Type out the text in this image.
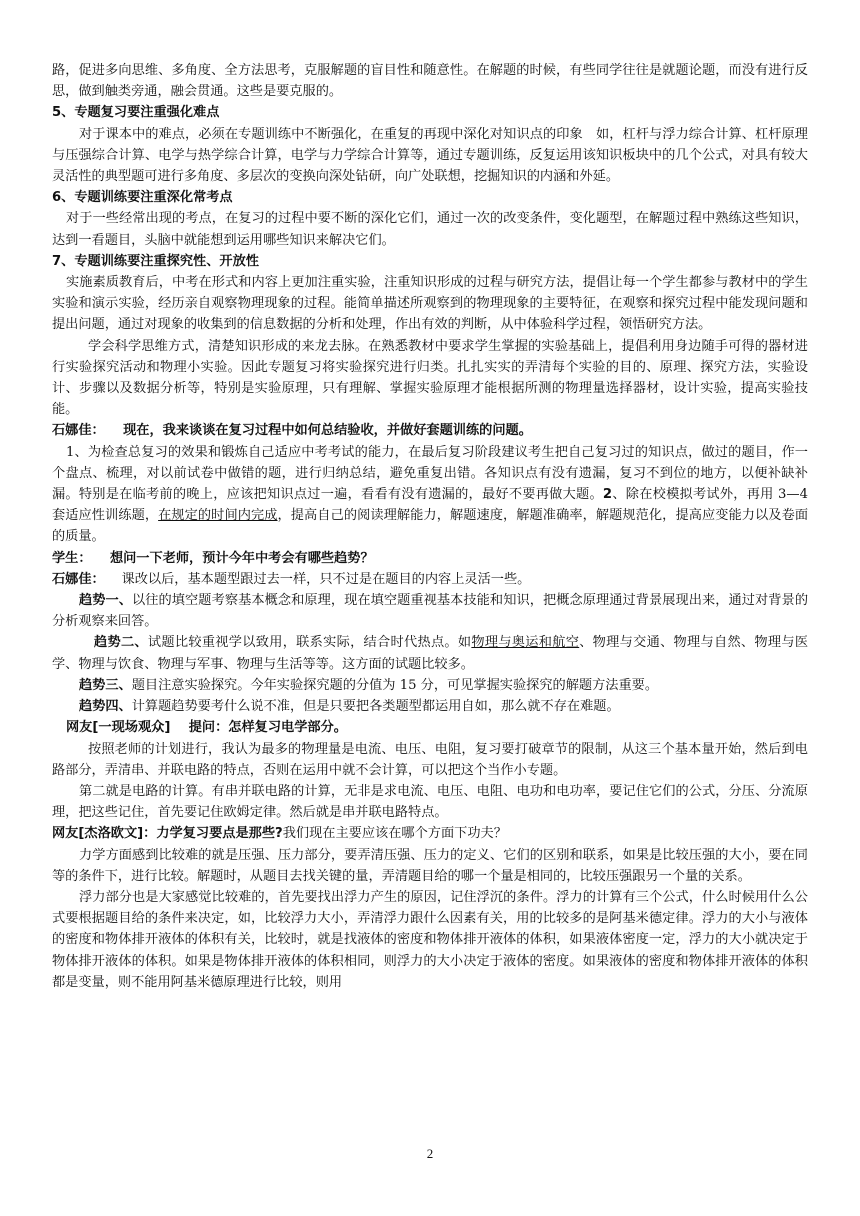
路，促进多向思维、多角度、全方法思考，克服解题的盲目性和随意性。在解题的时候，有些同学往往是就题论题，而没有进行反思，做到触类旁通，融会贯通。这些是要克服的。

5、专题复习要注重强化难点

对于课本中的难点，必须在专题训练中不断强化，在重复的再现中深化对知识点的印象　如，杠杆与浮力综合计算、杠杆原理与压强综合计算、电学与热学综合计算，电学与力学综合计算等，通过专题训练，反复运用该知识板块中的几个公式，对具有较大灵活性的典型题可进行多角度、多层次的变换向深处钻研，向广处联想，挖掘知识的内涵和外延。

6、专题训练要注重深化常考点

对于一些经常出现的考点，在复习的过程中要不断的深化它们，通过一次的改变条件，变化题型，在解题过程中熟练这些知识，达到一看题目，头脑中就能想到运用哪些知识来解决它们。

7、专题训练要注重探究性、开放性

实施素质教育后，中考在形式和内容上更加注重实验，注重知识形成的过程与研究方法，提倡让每一个学生都参与教材中的学生实验和演示实验，经历亲自观察物理现象的过程。能简单描述所观察到的物理现象的主要特征，在观察和探究过程中能发现问题和提出问题，通过对现象的收集到的信息数据的分析和处理，作出有效的判断，从中体验科学过程，领悟研究方法。

学会科学思维方式，清楚知识形成的来龙去脉。在熟悉教材中要求学生掌握的实验基础上，提倡利用身边随手可得的器材进行实验探究活动和物理小实验。因此专题复习将实验探究进行归类。扎扎实实的弄清每个实验的目的、原理、探究方法，实验设计、步骤以及数据分析等，特别是实验原理，只有理解、掌握实验原理才能根据所测的物理量选择器材，设计实验，提高实验技能。

石娜佳： 现在，我来谈谈在复习过程中如何总结验收，并做好套题训练的问题。

1、为检查总复习的效果和锻炼自己适应中考考试的能力，在最后复习阶段建议考生把自己复习过的知识点，做过的题目，作一个盘点、梳理，对以前试卷中做错的题，进行归纳总结，避免重复出错。各知识点有没有遗漏，复习不到位的地方，以便补缺补漏。特别是在临考前的晚上，应该把知识点过一遍，看看有没有遗漏的，最好不要再做大题。2、除在校模拟考试外，再用 3—4 套适应性训练题，在规定的时间内完成，提高自己的阅读理解能力，解题速度，解题准确率，解题规范化，提高应变能力以及卷面的质量。

学生： 想问一下老师，预计今年中考会有哪些趋势？

石娜佳： 课改以后，基本题型跟过去一样，只不过是在题目的内容上灵活一些。

趋势一、以往的填空题考察基本概念和原理，现在填空题重视基本技能和知识，把概念原理通过背景展现出来，通过对背景的分析观察来回答。

趋势二、试题比较重视学以致用，联系实际，结合时代热点。如物理与奥运和航空、物理与交通、物理与自然、物理与医学、物理与饮食、物理与军事、物理与生活等等。这方面的试题比较多。

趋势三、题目注意实验探究。今年实验探究题的分值为 15 分，可见掌握实验探究的解题方法重要。

趋势四、计算题趋势要考什么说不准，但是只要把各类题型都运用自如，那么就不存在难题。

网友[一现场观众] 提问：怎样复习电学部分。

按照老师的计划进行，我认为最多的物理量是电流、电压、电阻，复习要打破章节的限制，从这三个基本量开始，然后到电路部分，弄清串、并联电路的特点，否则在运用中就不会计算，可以把这个当作小专题。

第二就是电路的计算。有串并联电路的计算，无非是求电流、电压、电阻、电功和电功率，要记住它们的公式，分压、分流原理，把这些记住，首先要记住欧姆定律。然后就是串并联电路特点。

网友[杰洛欧文]：力学复习要点是那些?我们现在主要应该在哪个方面下功夫？

力学方面感到比较难的就是压强、压力部分，要弄清压强、压力的定义、它们的区别和联系，如果是比较压强的大小，要在同等的条件下，进行比较。解题时，从题目去找关键的量，弄清题目给的哪一个量是相同的，比较压强跟另一个量的关系。

浮力部分也是大家感觉比较难的，首先要找出浮力产生的原因，记住浮沉的条件。浮力的计算有三个公式，什么时候用什么公式要根据题目给的条件来决定，如，比较浮力大小，弄清浮力跟什么因素有关，用的比较多的是阿基米德定律。浮力的大小与液体的密度和物体排开液体的体积有关，比较时，就是找液体的密度和物体排开液体的体积，如果液体密度一定，浮力的大小就决定于物体排开液体的体积。如果是物体排开液体的体积相同，则浮力的大小决定于液体的密度。如果液体的密度和物体排开液体的体积都是变量，则不能用阿基米德原理进行比较，则用

2
